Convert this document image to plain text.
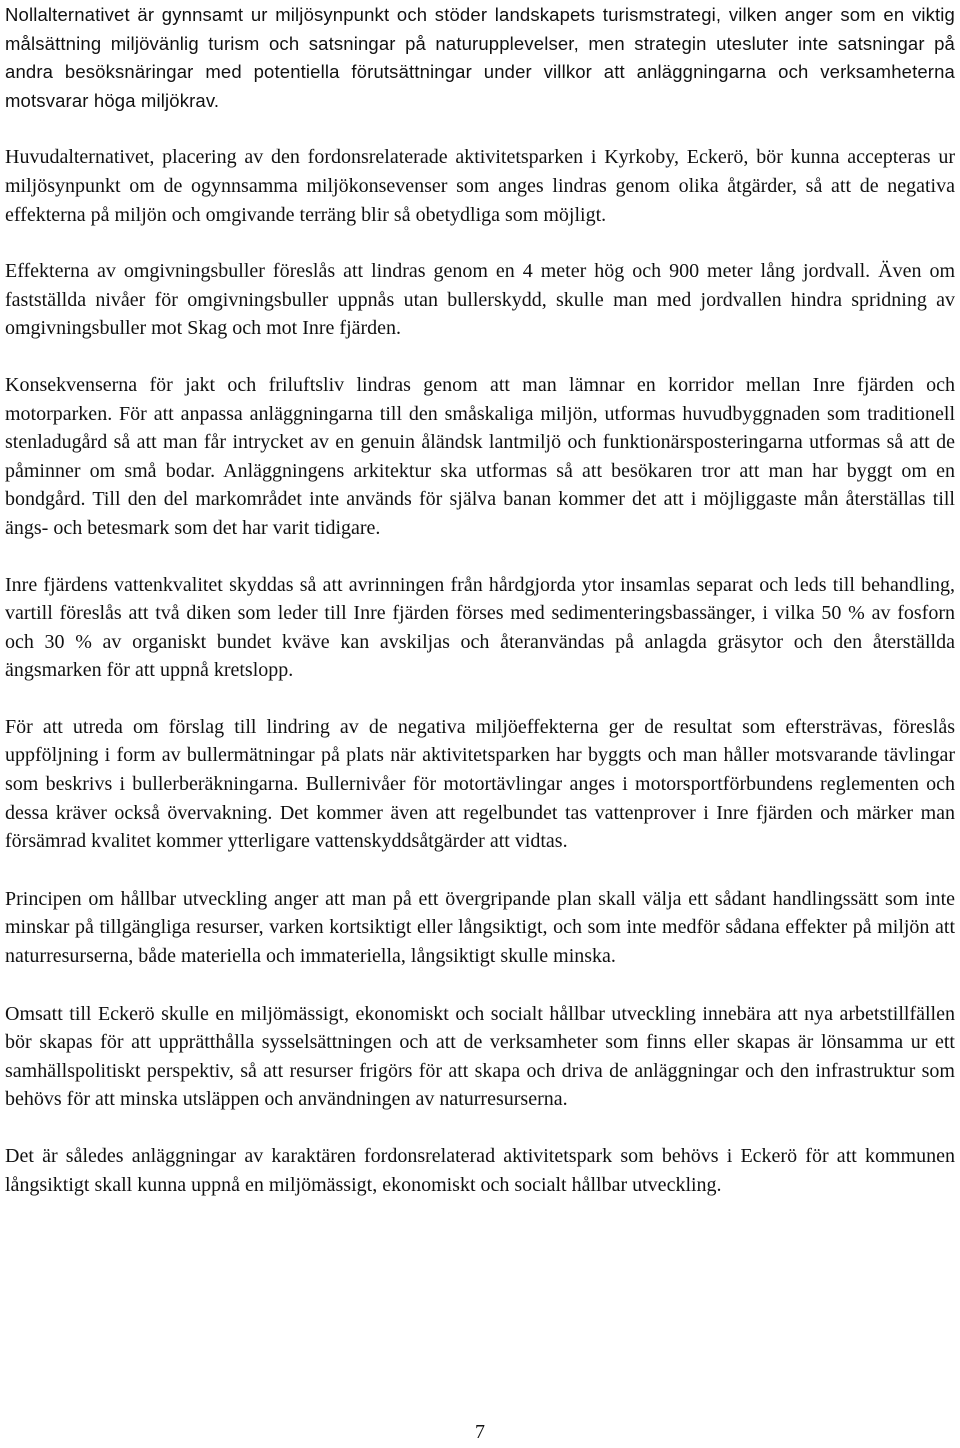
Nollalternativet är gynnsamt ur miljösynpunkt och stöder landskapets turismstrategi, vilken anger som en viktig målsättning miljövänlig turism och satsningar på naturupplevelser, men strategin utesluter inte satsningar på andra besöksnäringar med potentiella förutsättningar under villkor att anläggningarna och verksamheterna motsvarar höga miljökrav.

Huvudalternativet, placering av den fordonsrelaterade aktivitetsparken i Kyrkoby, Eckerö, bör kunna accepteras ur miljösynpunkt om de ogynnsamma miljökonsevenser som anges lindras genom olika åtgärder, så att de negativa effekterna på miljön och omgivande terräng blir så obetydliga som möjligt.

Effekterna av omgivningsbuller föreslås att lindras genom en 4 meter hög och 900 meter lång jordvall. Även om fastställda nivåer för omgivningsbuller uppnås utan bullerskydd, skulle man med jordvallen hindra spridning av omgivningsbuller mot Skag och mot Inre fjärden.

Konsekvenserna för jakt och friluftsliv lindras genom att man lämnar en korridor mellan Inre fjärden och motorparken. För att anpassa anläggningarna till den småskaliga miljön, utformas huvudbyggnaden som traditionell stenladugård så att man får intrycket av en genuin åländsk lantmiljö och funktionärsposteringarna utformas så att de påminner om små bodar. Anläggningens arkitektur ska utformas så att besökaren tror att man har byggt om en bondgård. Till den del markområdet inte används för själva banan kommer det att i möjliggaste mån återställas till ängs- och betesmark som det har varit tidigare.

Inre fjärdens vattenkvalitet skyddas så att avrinningen från hårdgjorda ytor insamlas separat och leds till behandling, vartill föreslås att två diken som leder till Inre fjärden förses med sedimenteringsbassänger, i vilka 50 % av fosforn och 30 % av organiskt bundet kväve kan avskiljas och återanvändas på anlagda gräsytor och den återställda ängsmarken för att uppnå kretslopp.

För att utreda om förslag till lindring av de negativa miljöeffekterna ger de resultat som eftersträvas, föreslås uppföljning i form av bullermätningar på plats när aktivitetsparken har byggts och man håller motsvarande tävlingar som beskrivs i bullerberäkningarna. Bullernivåer för motortävlingar anges i motorsportförbundens reglementen och dessa kräver också övervakning. Det kommer även att regelbundet tas vattenprover i Inre fjärden och märker man försämrad kvalitet kommer ytterligare vattenskyddsåtgärder att vidtas.

Principen om hållbar utveckling anger att man på ett övergripande plan skall välja ett sådant handlingssätt som inte minskar på tillgängliga resurser, varken kortsiktigt eller långsiktigt, och som inte medför sådana effekter på miljön att naturresurserna, både materiella och immateriella, långsiktigt skulle minska.

Omsatt till Eckerö skulle en miljömässigt, ekonomiskt och socialt hållbar utveckling innebära att nya arbetstillfällen bör skapas för att upprätthålla sysselsättningen och att de verksamheter som finns eller skapas är lönsamma ur ett samhällspolitiskt perspektiv, så att resurser frigörs för att skapa och driva de anläggningar och den infrastruktur som behövs för att minska utsläppen och användningen av naturresurserna.

Det är således anläggningar av karaktären fordonsrelaterad aktivitetspark som behövs i Eckerö för att kommunen långsiktigt skall kunna uppnå en miljömässigt, ekonomiskt och socialt hållbar utveckling.

7
